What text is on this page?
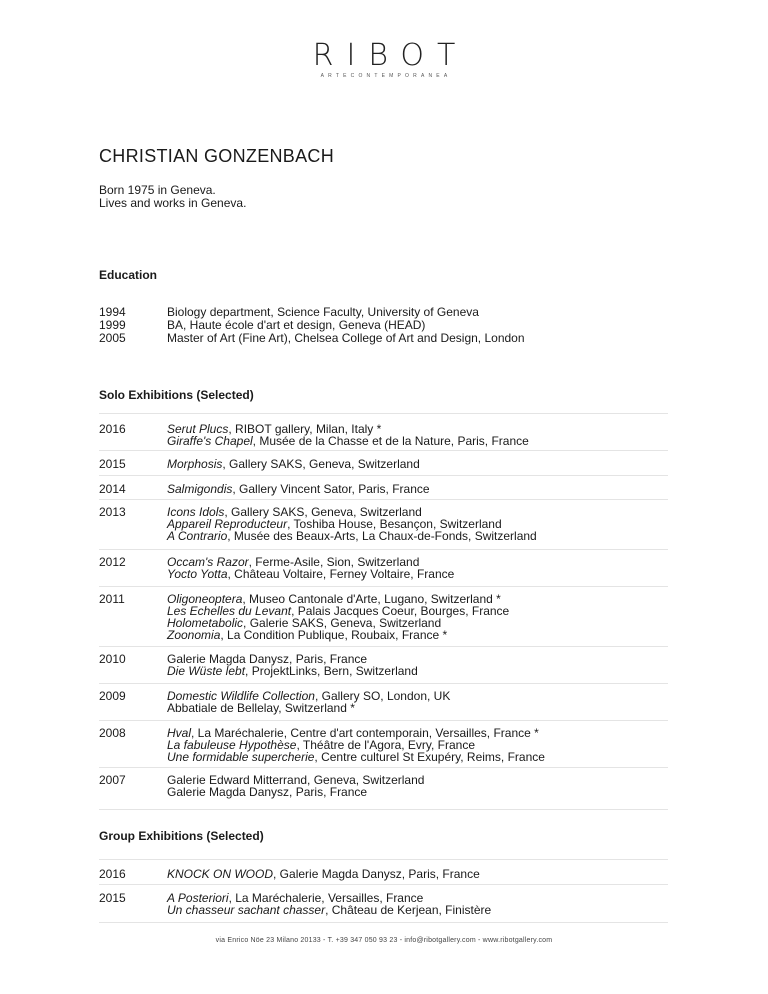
RIBOT
ARTECONTEMPORANEA
CHRISTIAN GONZENBACH
Born 1975 in Geneva.
Lives and works in Geneva.
Education
1994	Biology department, Science Faculty, University of Geneva
1999	BA, Haute école d'art et design, Geneva (HEAD)
2005	Master of Art (Fine Art), Chelsea College of Art and Design, London
Solo Exhibitions (Selected)
2016	Serut Plucs, RIBOT gallery, Milan, Italy *
Giraffe's Chapel, Musée de la Chasse et de la Nature, Paris, France
2015	Morphosis, Gallery SAKS, Geneva, Switzerland
2014	Salmigondis, Gallery Vincent Sator, Paris, France
2013	Icons Idols, Gallery SAKS, Geneva, Switzerland
Appareil Reproducteur, Toshiba House, Besançon, Switzerland
A Contrario, Musée des Beaux-Arts, La Chaux-de-Fonds, Switzerland
2012	Occam's Razor, Ferme-Asile, Sion, Switzerland
Yocto Yotta, Château Voltaire, Ferney Voltaire, France
2011	Oligoneoptera, Museo Cantonale d'Arte, Lugano, Switzerland *
Les Echelles du Levant, Palais Jacques Coeur, Bourges, France
Holometabolic, Galerie SAKS, Geneva, Switzerland
Zoonomia, La Condition Publique, Roubaix, France *
2010	Galerie Magda Danysz, Paris, France
Die Wüste lebt, ProjektLinks, Bern, Switzerland
2009	Domestic Wildlife Collection, Gallery SO, London, UK
Abbatiale de Bellelay, Switzerland *
2008	Hval, La Maréchalerie, Centre d'art contemporain, Versailles, France *
La fabuleuse Hypothèse, Théâtre de l'Agora, Evry, France
Une formidable supercherie, Centre culturel St Exupéry, Reims, France
2007	Galerie Edward Mitterrand, Geneva, Switzerland
Galerie Magda Danysz, Paris, France
Group Exhibitions (Selected)
2016	KNOCK ON WOOD, Galerie Magda Danysz, Paris, France
2015	A Posteriori, La Maréchalerie, Versailles, France
Un chasseur sachant chasser, Château de Kerjean, Finistère
via Enrico Nöe 23 Milano 20133 - T. +39 347 050 93 23 - info@ribotgallery.com - www.ribotgallery.com
